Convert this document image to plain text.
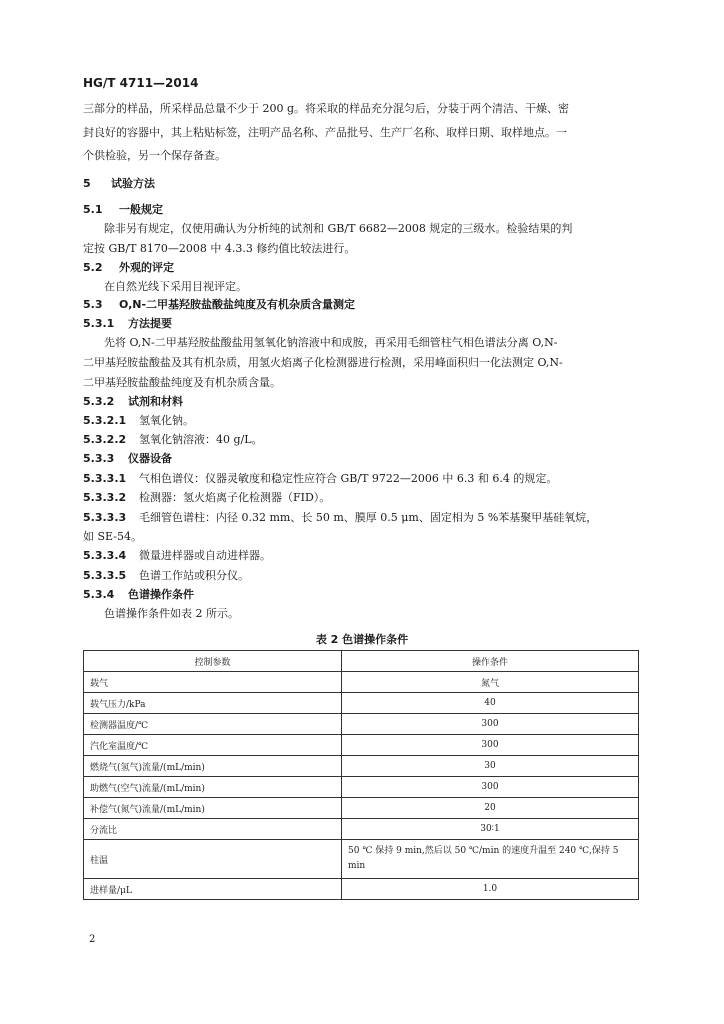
HG/T 4711—2014
三部分的样品，所采样品总量不少于 200 g。将采取的样品充分混匀后，分装于两个清洁、干燥、密
封良好的容器中，其上粘贴标签，注明产品名称、产品批号、生产厂名称、取样日期、取样地点。一
个供检验，另一个保存备查。
5 试验方法
5.1 一般规定
除非另有规定，仅使用确认为分析纯的试剂和 GB/T 6682—2008 规定的三级水。检验结果的判
定按 GB/T 8170—2008 中 4.3.3 修约值比较法进行。
5.2 外观的评定
在自然光线下采用目视评定。
5.3 O,N-二甲基羟胺盐酸盐纯度及有机杂质含量测定
5.3.1 方法提要
先将 O,N-二甲基羟胺盐酸盐用氢氧化钠溶液中和成胺，再采用毛细管柱气相色谱法分离 O,N-
二甲基羟胺盐酸盐及其有机杂质，用氢火焰离子化检测器进行检测，采用峰面积归一化法测定 O,N-
二甲基羟胺盐酸盐纯度及有机杂质含量。
5.3.2 试剂和材料
5.3.2.1 氢氧化钠。
5.3.2.2 氢氧化钠溶液：40 g/L。
5.3.3 仪器设备
5.3.3.1 气相色谱仪：仪器灵敏度和稳定性应符合 GB/T 9722—2006 中 6.3 和 6.4 的规定。
5.3.3.2 检测器：氢火焰离子化检测器（FID）。
5.3.3.3 毛细管色谱柱：内径 0.32 mm、长 50 m、膜厚 0.5 μm、固定相为 5 %苯基聚甲基硅氧烷，
如 SE-54。
5.3.3.4 微量进样器或自动进样器。
5.3.3.5 色谱工作站或积分仪。
5.3.4 色谱操作条件
色谱操作条件如表 2 所示。
表 2 色谱操作条件
控制参数	操作条件
载气	氮气
载气压力/kPa	40
检测器温度/℃	300
汽化室温度/℃	300
燃烧气(氢气)流量/(mL/min)	30
助燃气(空气)流量/(mL/min)	300
补偿气(氮气)流量/(mL/min)	20
分流比	30∶1
柱温	50 ℃ 保持 9 min,然后以 50 ℃/min 的速度升温至 240 ℃,保持 5 min
进样量/μL	1.0
2
